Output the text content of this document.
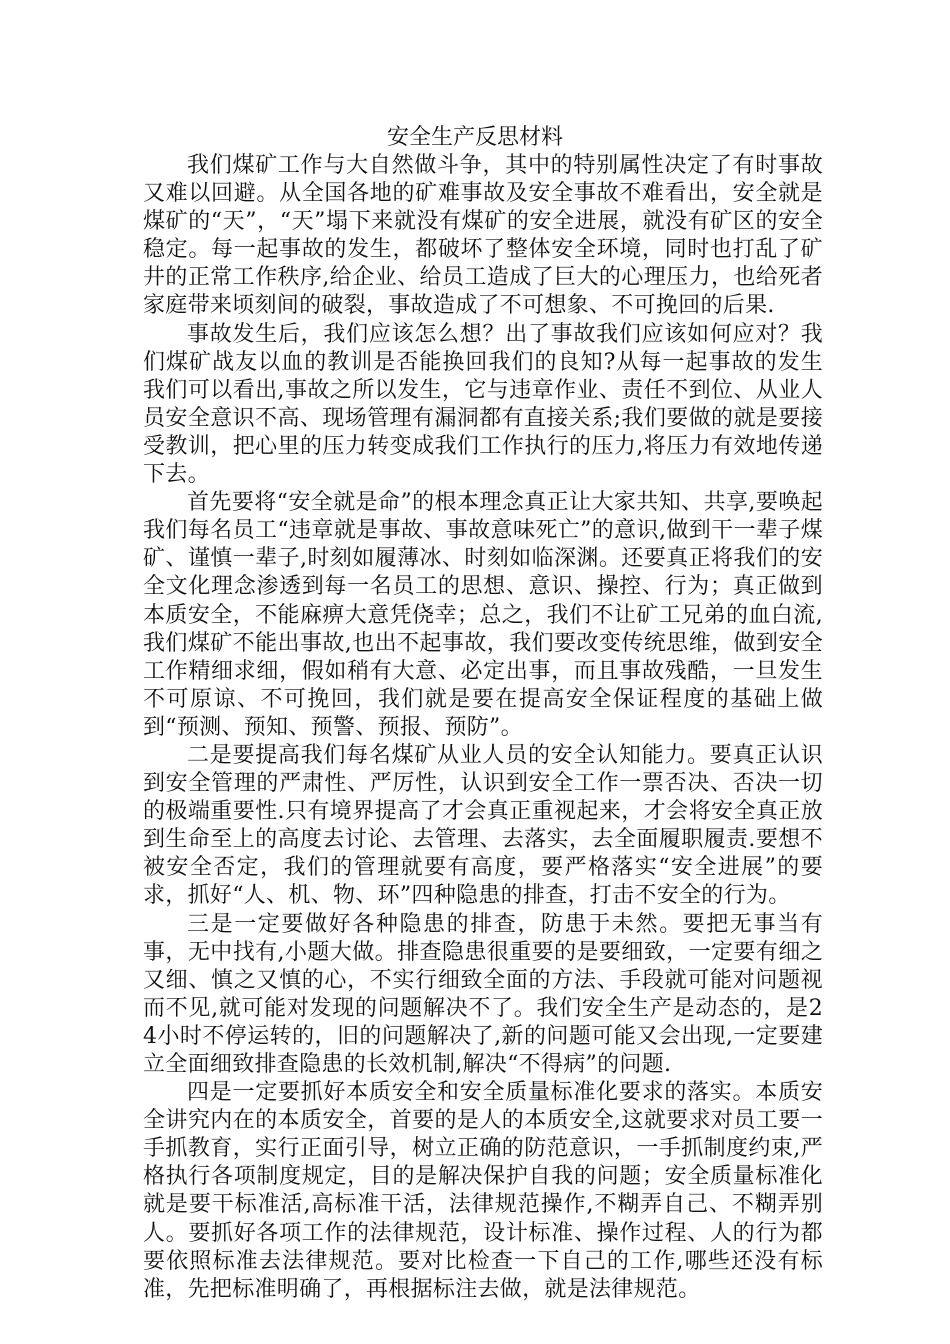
安全生产反思材料

我们煤矿工作与大自然做斗争，其中的特别属性决定了有时事故又难以回避。从全国各地的矿难事故及安全事故不难看出，安全就是煤矿的“天”，“天”塌下来就没有煤矿的安全进展，就没有矿区的安全稳定。每一起事故的发生，都破坏了整体安全环境，同时也打乱了矿井的正常工作秩序,给企业、给员工造成了巨大的心理压力，也给死者家庭带来顷刻间的破裂，事故造成了不可想象、不可挽回的后果.

事故发生后，我们应该怎么想？出了事故我们应该如何应对？我们煤矿战友以血的教训是否能换回我们的良知?从每一起事故的发生我们可以看出,事故之所以发生，它与违章作业、责任不到位、从业人员安全意识不高、现场管理有漏洞都有直接关系;我们要做的就是要接受教训，把心里的压力转变成我们工作执行的压力,将压力有效地传递下去。

首先要将“安全就是命”的根本理念真正让大家共知、共享,要唤起我们每名员工“违章就是事故、事故意味死亡”的意识,做到干一辈子煤矿、谨慎一辈子,时刻如履薄冰、时刻如临深渊。还要真正将我们的安全文化理念渗透到每一名员工的思想、意识、操控、行为；真正做到本质安全，不能麻痹大意凭侥幸；总之，我们不让矿工兄弟的血白流,我们煤矿不能出事故,也出不起事故，我们要改变传统思维，做到安全工作精细求细，假如稍有大意、必定出事，而且事故残酷，一旦发生不可原谅、不可挽回，我们就是要在提高安全保证程度的基础上做到“预测、预知、预警、预报、预防”。

二是要提高我们每名煤矿从业人员的安全认知能力。要真正认识到安全管理的严肃性、严厉性，认识到安全工作一票否决、否决一切的极端重要性.只有境界提高了才会真正重视起来，才会将安全真正放到生命至上的高度去讨论、去管理、去落实，去全面履职履责.要想不被安全否定，我们的管理就要有高度，要严格落实“安全进展”的要求，抓好“人、机、物、环”四种隐患的排查，打击不安全的行为。

三是一定要做好各种隐患的排查，防患于未然。要把无事当有事，无中找有,小题大做。排查隐患很重要的是要细致，一定要有细之又细、慎之又慎的心，不实行细致全面的方法、手段就可能对问题视而不见,就可能对发现的问题解决不了。我们安全生产是动态的，是24小时不停运转的，旧的问题解决了,新的问题可能又会出现,一定要建立全面细致排查隐患的长效机制,解决“不得病”的问题.

四是一定要抓好本质安全和安全质量标准化要求的落实。本质安全讲究内在的本质安全，首要的是人的本质安全,这就要求对员工要一手抓教育，实行正面引导，树立正确的防范意识，一手抓制度约束,严格执行各项制度规定，目的是解决保护自我的问题；安全质量标准化就是要干标准活,高标准干活，法律规范操作,不糊弄自己、不糊弄别人。要抓好各项工作的法律规范，设计标准、操作过程、人的行为都要依照标准去法律规范。要对比检查一下自己的工作,哪些还没有标准，先把标准明确了，再根据标注去做，就是法律规范。
